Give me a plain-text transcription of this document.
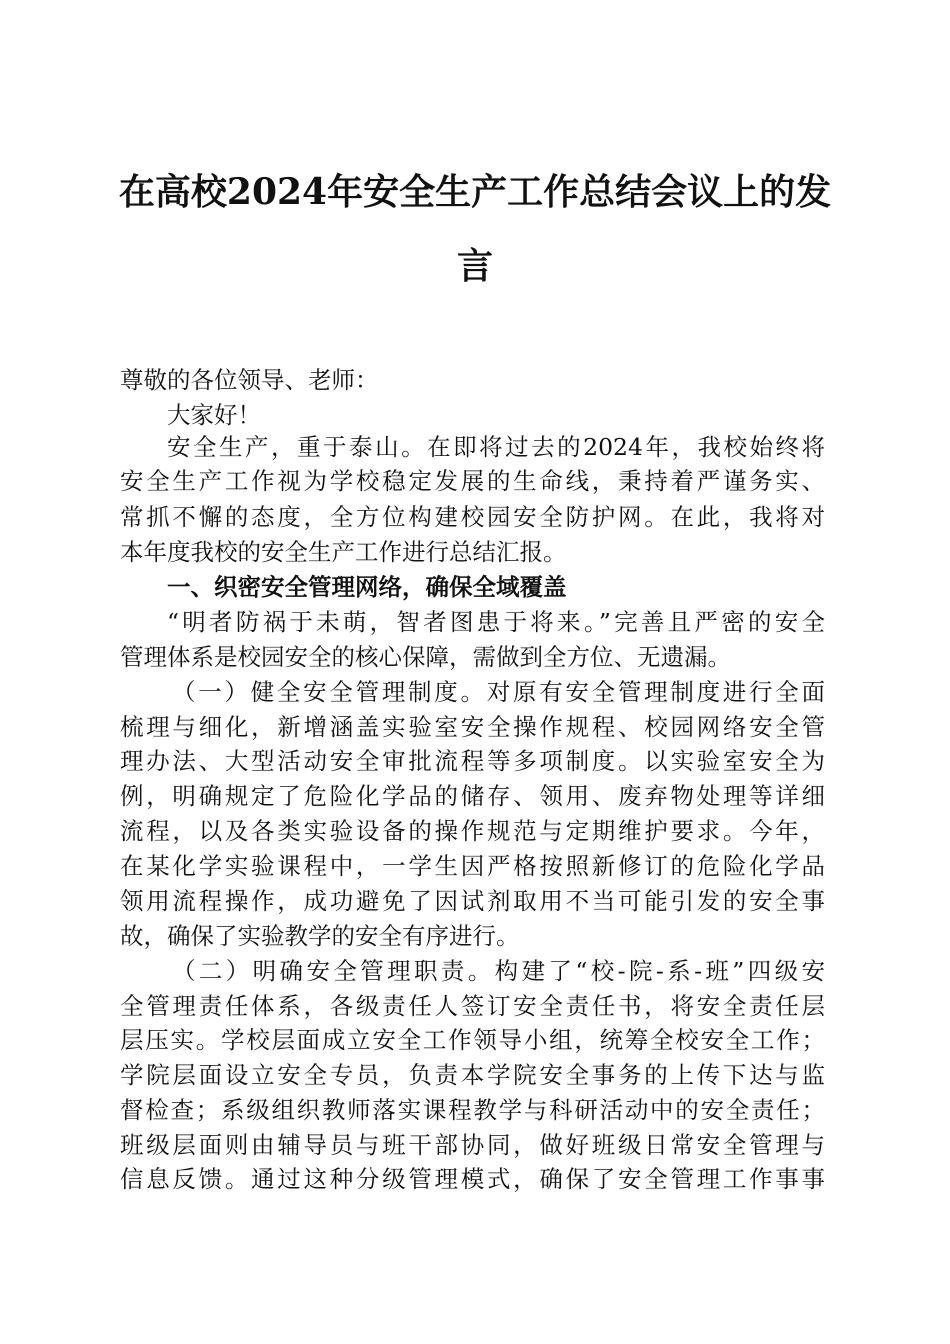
在高校2024年安全生产工作总结会议上的发
言
尊敬的各位领导、老师：
大家好！
安全生产，重于泰山。在即将过去的2024年，我校始终将
安全生产工作视为学校稳定发展的生命线，秉持着严谨务实、
常抓不懈的态度，全方位构建校园安全防护网。在此，我将对
本年度我校的安全生产工作进行总结汇报。
一、织密安全管理网络，确保全域覆盖
“明者防祸于未萌，智者图患于将来。”完善且严密的安全
管理体系是校园安全的核心保障，需做到全方位、无遗漏。
（一）健全安全管理制度。对原有安全管理制度进行全面
梳理与细化，新增涵盖实验室安全操作规程、校园网络安全管
理办法、大型活动安全审批流程等多项制度。以实验室安全为
例，明确规定了危险化学品的储存、领用、废弃物处理等详细
流程，以及各类实验设备的操作规范与定期维护要求。今年，
在某化学实验课程中，一学生因严格按照新修订的危险化学品
领用流程操作，成功避免了因试剂取用不当可能引发的安全事
故，确保了实验教学的安全有序进行。
（二）明确安全管理职责。构建了“校-院-系-班”四级安
全管理责任体系，各级责任人签订安全责任书，将安全责任层
层压实。学校层面成立安全工作领导小组，统筹全校安全工作；
学院层面设立安全专员，负责本学院安全事务的上传下达与监
督检查；系级组织教师落实课程教学与科研活动中的安全责任；
班级层面则由辅导员与班干部协同，做好班级日常安全管理与
信息反馈。通过这种分级管理模式，确保了安全管理工作事事
